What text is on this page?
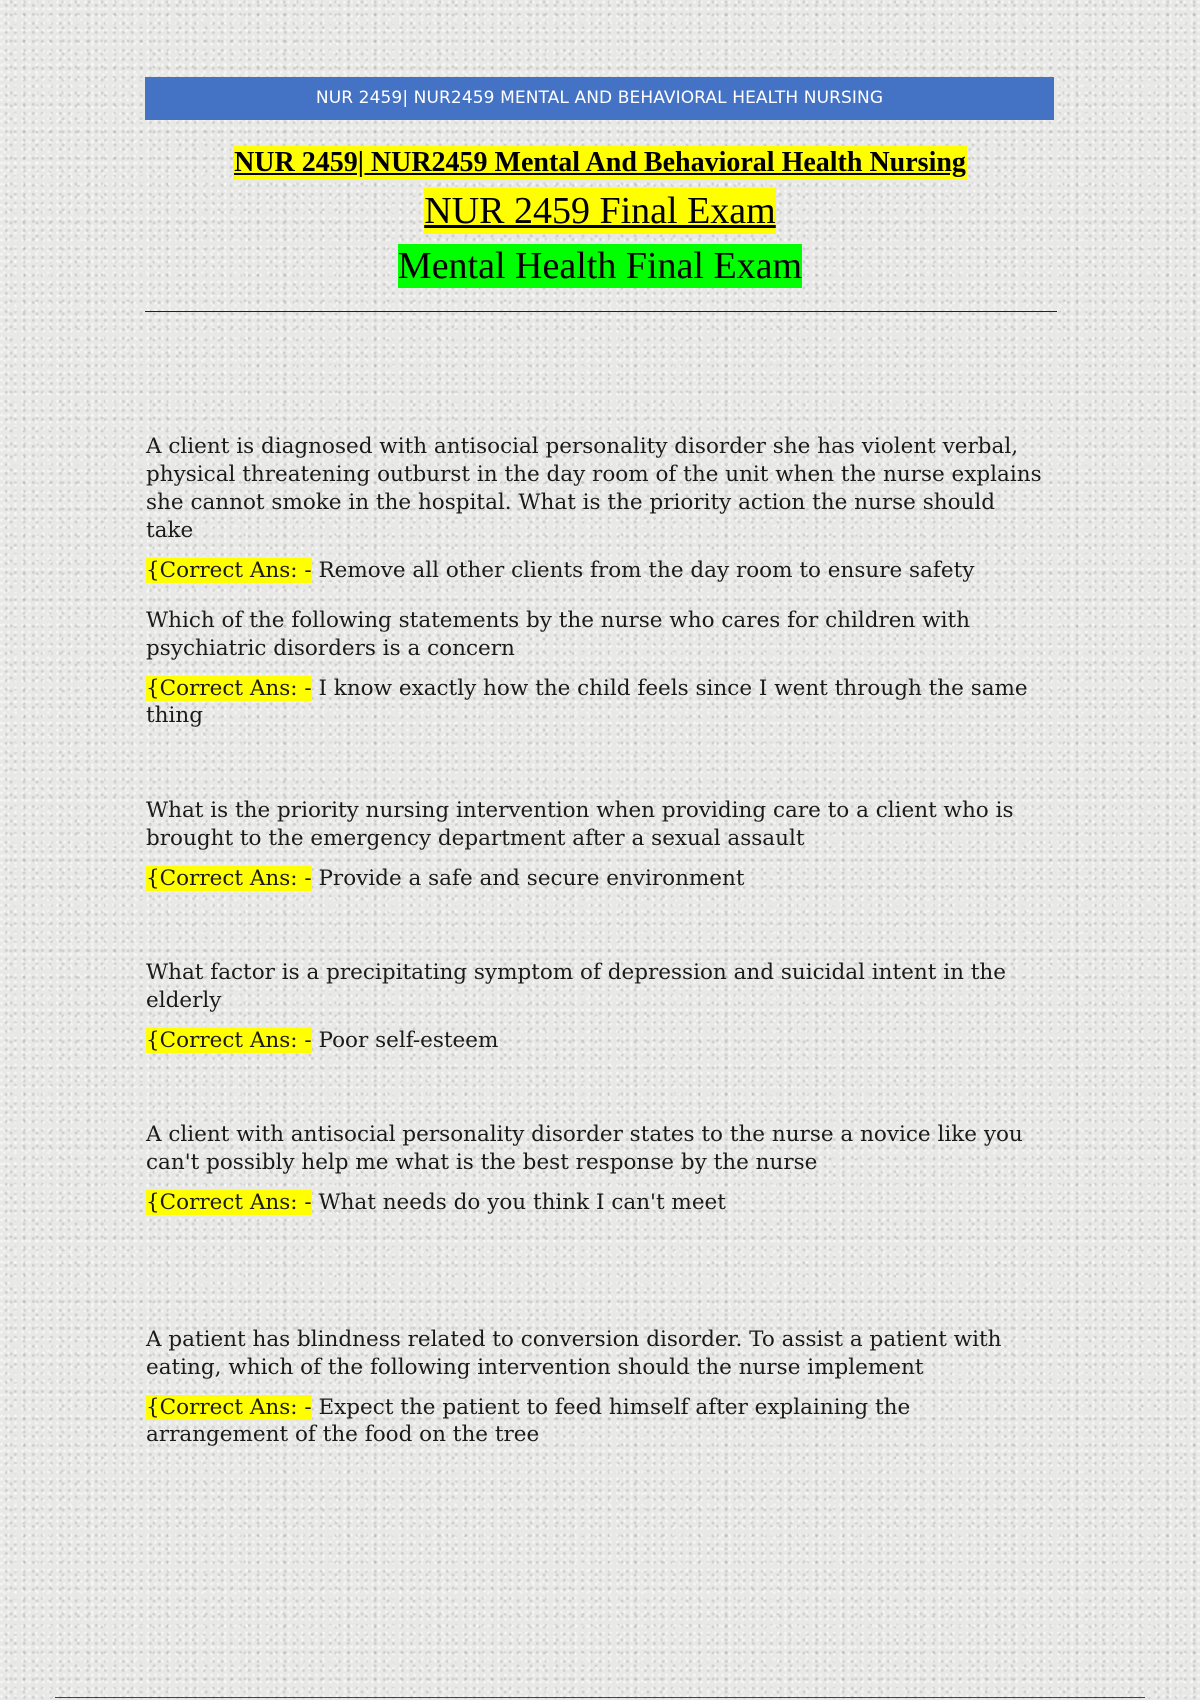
NUR 2459| NUR2459 MENTAL AND BEHAVIORAL HEALTH NURSING
NUR 2459| NUR2459 Mental And Behavioral Health Nursing
NUR 2459 Final Exam
Mental Health Final Exam

A client is diagnosed with antisocial personality disorder she has violent verbal, physical threatening outburst in the day room of the unit when the nurse explains she cannot smoke in the hospital. What is the priority action the nurse should take

{Correct Ans: - Remove all other clients from the day room to ensure safety

Which of the following statements by the nurse who cares for children with psychiatric disorders is a concern

{Correct Ans: - I know exactly how the child feels since I went through the same thing

What is the priority nursing intervention when providing care to a client who is brought to the emergency department after a sexual assault

{Correct Ans: - Provide a safe and secure environment

What factor is a precipitating symptom of depression and suicidal intent in the elderly

{Correct Ans: - Poor self-esteem

A client with antisocial personality disorder states to the nurse a novice like you can't possibly help me what is the best response by the nurse

{Correct Ans: - What needs do you think I can't meet

A patient has blindness related to conversion disorder. To assist a patient with eating, which of the following intervention should the nurse implement

{Correct Ans: - Expect the patient to feed himself after explaining the arrangement of the food on the tree
